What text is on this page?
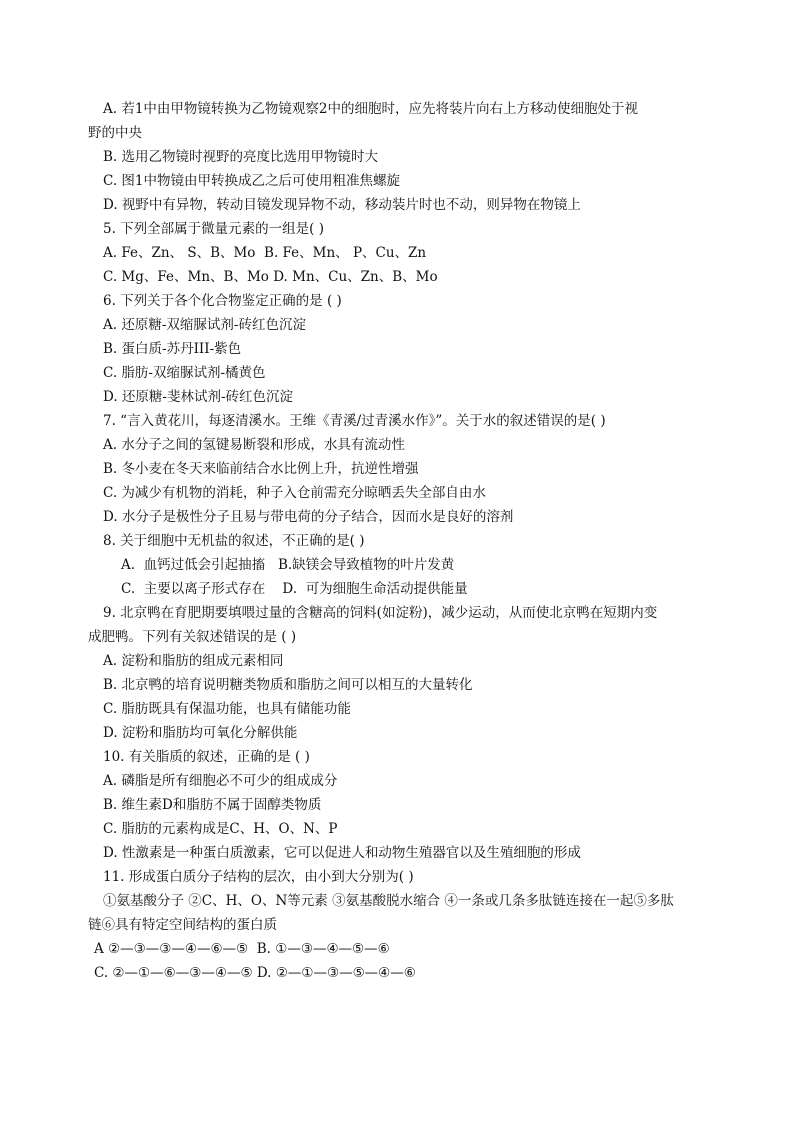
A. 若1中由甲物镜转换为乙物镜观察2中的细胞时，应先将装片向右上方移动使细胞处于视
野的中央
B. 选用乙物镜时视野的亮度比选用甲物镜时大
C. 图1中物镜由甲转换成乙之后可使用粗准焦螺旋
D. 视野中有异物，转动目镜发现异物不动，移动装片时也不动，则异物在物镜上
5. 下列全部属于微量元素的一组是( )
A. Fe、Zn、 S、B、Mo  B. Fe、Mn、 P、Cu、Zn
C. Mg、Fe、Mn、B、Mo D. Mn、Cu、Zn、B、Mo
6. 下列关于各个化合物鉴定正确的是 ( )
A. 还原糖-双缩脲试剂-砖红色沉淀
B. 蛋白质-苏丹III-紫色
C. 脂肪-双缩脲试剂-橘黄色
D. 还原糖-斐林试剂-砖红色沉淀
7. “言入黄花川，每逐清溪水。王维《青溪/过青溪水作》”。关于水的叙述错误的是( )
A. 水分子之间的氢键易断裂和形成，水具有流动性
B. 冬小麦在冬天来临前结合水比例上升，抗逆性增强
C. 为减少有机物的消耗，种子入仓前需充分晾晒丢失全部自由水
D. 水分子是极性分子且易与带电荷的分子结合，因而水是良好的溶剂
8. 关于细胞中无机盐的叙述，不正确的是( )
A.  血钙过低会引起抽搐   B.缺镁会导致植物的叶片发黄
C.  主要以离子形式存在    D.  可为细胞生命活动提供能量
9. 北京鸭在育肥期要填喂过量的含糖高的饲料(如淀粉)，减少运动，从而使北京鸭在短期内变
成肥鸭。下列有关叙述错误的是 ( )
A. 淀粉和脂肪的组成元素相同
B. 北京鸭的培育说明糖类物质和脂肪之间可以相互的大量转化
C. 脂肪既具有保温功能，也具有储能功能
D. 淀粉和脂肪均可氧化分解供能
10. 有关脂质的叙述，正确的是 ( )
A. 磷脂是所有细胞必不可少的组成成分
B. 维生素D和脂肪不属于固醇类物质
C. 脂肪的元素构成是C、H、O、N、P
D. 性激素是一种蛋白质激素，它可以促进人和动物生殖器官以及生殖细胞的形成
11. 形成蛋白质分子结构的层次，由小到大分别为( )
①氨基酸分子 ②C、H、O、N等元素 ③氨基酸脱水缩合 ④一条或几条多肽链连接在一起⑤多肽
链⑥具有特定空间结构的蛋白质
A ②—③—③—④—⑥—⑤  B. ①—③—④—⑤—⑥
C. ②—①—⑥—③—④—⑤ D. ②—①—③—⑤—④—⑥
